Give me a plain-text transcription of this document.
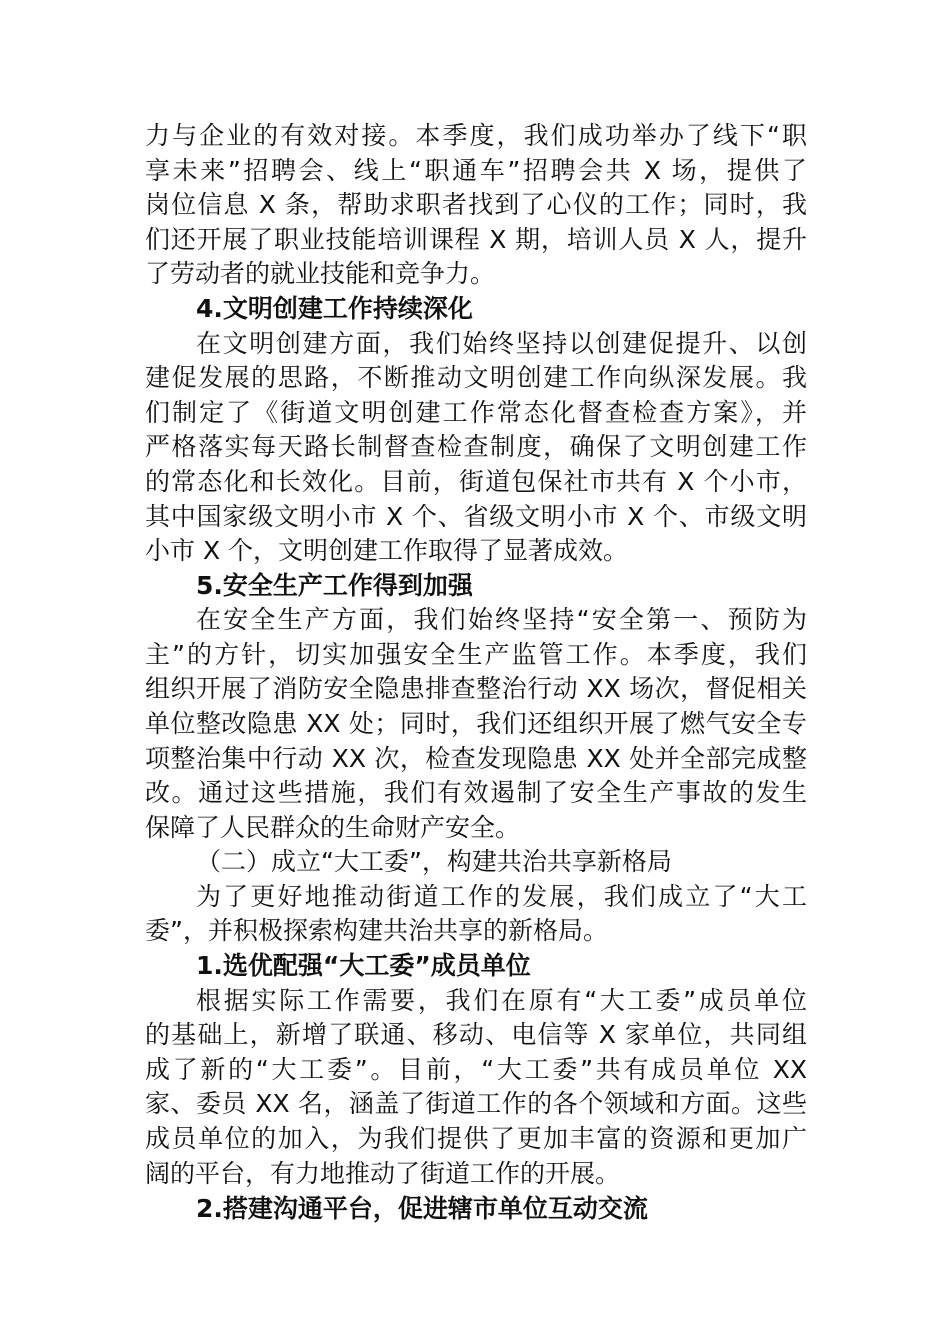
力与企业的有效对接。本季度，我们成功举办了线下“职
享未来”招聘会、线上“职通车”招聘会共 X 场，提供了
岗位信息 X 条，帮助求职者找到了心仪的工作；同时，我
们还开展了职业技能培训课程 X 期，培训人员 X 人，提升
了劳动者的就业技能和竞争力。
4.文明创建工作持续深化
在文明创建方面，我们始终坚持以创建促提升、以创
建促发展的思路，不断推动文明创建工作向纵深发展。我
们制定了《街道文明创建工作常态化督查检查方案》，并
严格落实每天路长制督查检查制度，确保了文明创建工作
的常态化和长效化。目前，街道包保社市共有 X 个小市，
其中国家级文明小市 X 个、省级文明小市 X 个、市级文明
小市 X 个，文明创建工作取得了显著成效。
5.安全生产工作得到加强
在安全生产方面，我们始终坚持“安全第一、预防为
主”的方针，切实加强安全生产监管工作。本季度，我们
组织开展了消防安全隐患排查整治行动 XX 场次，督促相关
单位整改隐患 XX 处；同时，我们还组织开展了燃气安全专
项整治集中行动 XX 次，检查发现隐患 XX 处并全部完成整
改。通过这些措施，我们有效遏制了安全生产事故的发生
保障了人民群众的生命财产安全。
（二）成立“大工委”，构建共治共享新格局
为了更好地推动街道工作的发展，我们成立了“大工
委”，并积极探索构建共治共享的新格局。
1.选优配强“大工委”成员单位
根据实际工作需要，我们在原有“大工委”成员单位
的基础上，新增了联通、移动、电信等 X 家单位，共同组
成了新的“大工委”。目前，“大工委”共有成员单位 XX
家、委员 XX 名，涵盖了街道工作的各个领域和方面。这些
成员单位的加入，为我们提供了更加丰富的资源和更加广
阔的平台，有力地推动了街道工作的开展。
2.搭建沟通平台，促进辖市单位互动交流
